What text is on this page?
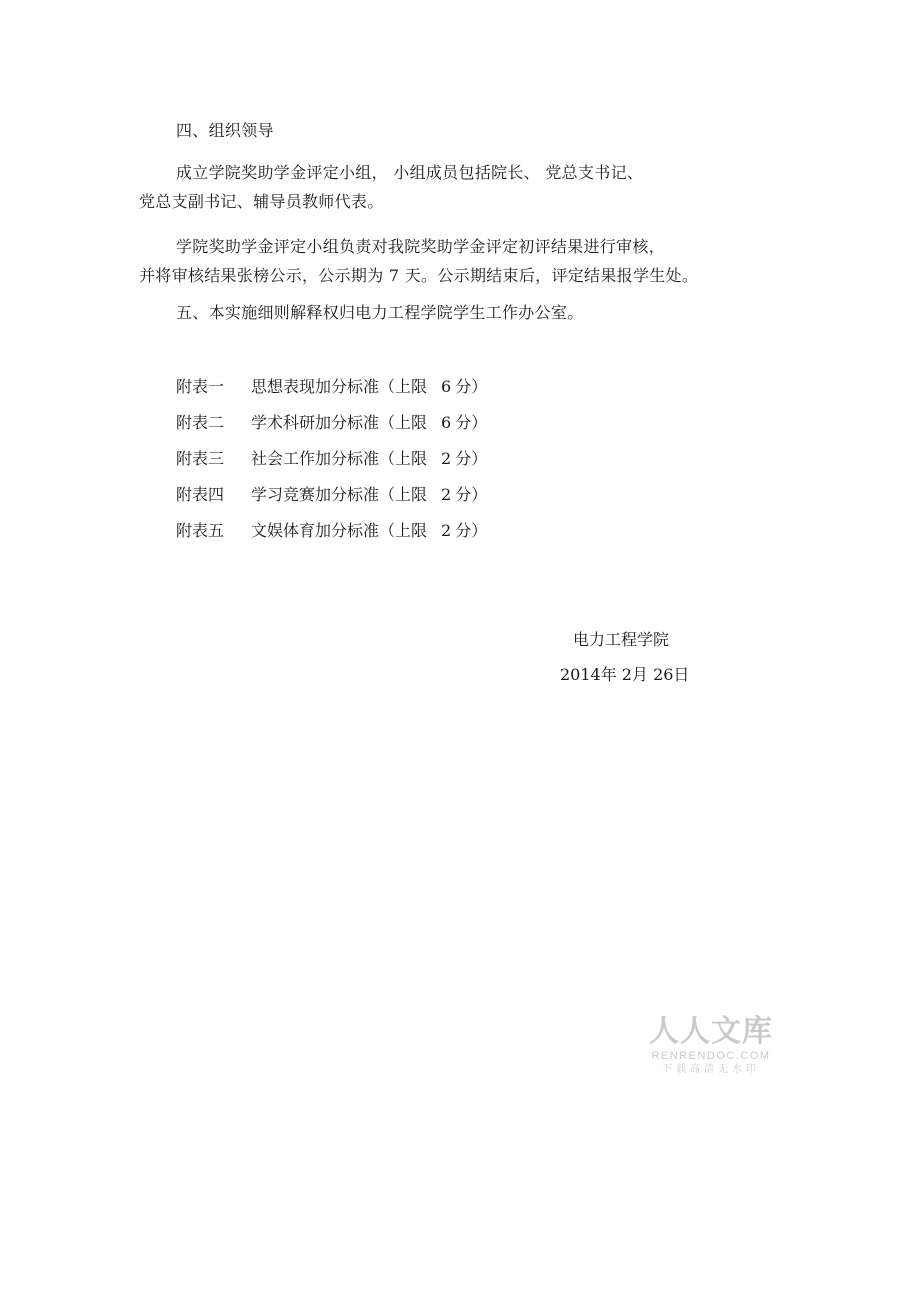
四、组织领导
成立学院奖助学金评定小组， 小组成员包括院长、 党总支书记、
党总支副书记、辅导员教师代表。
学院奖助学金评定小组负责对我院奖助学金评定初评结果进行审核，
并将审核结果张榜公示，公示期为 7 天。公示期结束后，评定结果报学生处。
五、本实施细则解释权归电力工程学院学生工作办公室。
附表一	思想表现加分标准（上限 6 分）
附表二	学术科研加分标准（上限 6 分）
附表三	社会工作加分标准（上限 2 分）
附表四	学习竞赛加分标准（上限 2 分）
附表五	文娱体育加分标准（上限 2 分）
电力工程学院
2014年 2月 26日
人人文库
RENRENDOC.COM
下载高清无水印
